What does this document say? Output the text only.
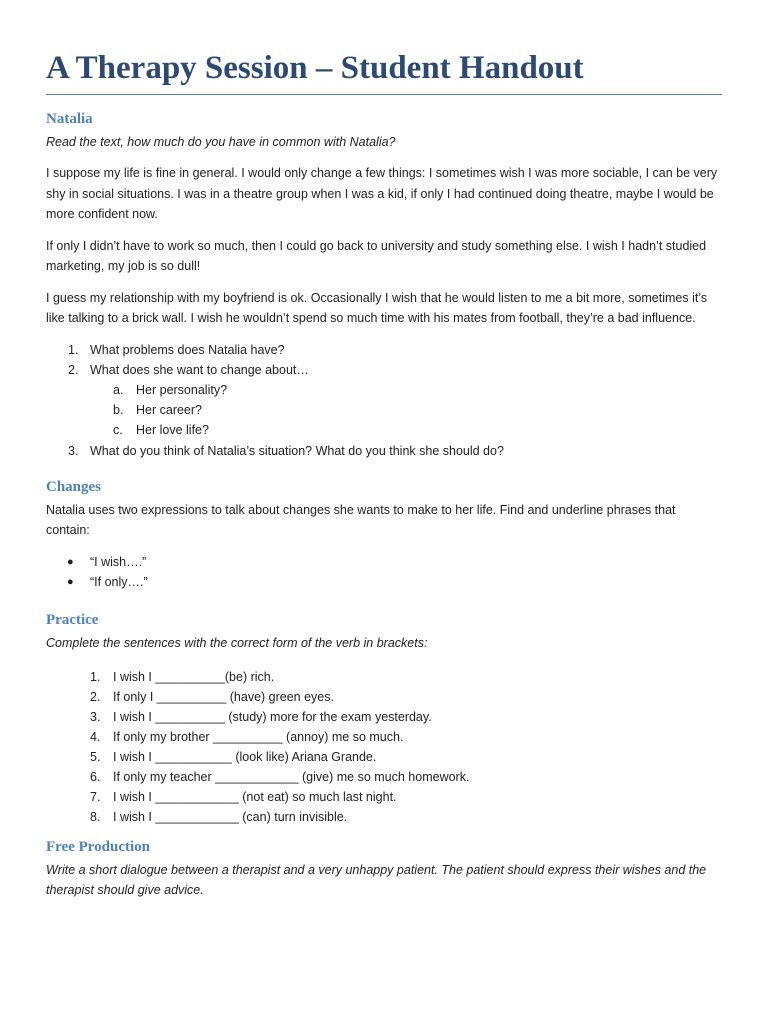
A Therapy Session – Student Handout
Natalia

Read the text, how much do you have in common with Natalia?

I suppose my life is fine in general. I would only change a few things: I sometimes wish I was more sociable, I can be very shy in social situations. I was in a theatre group when I was a kid, if only I had continued doing theatre, maybe I would be more confident now.

If only I didn’t have to work so much, then I could go back to university and study something else. I wish I hadn’t studied marketing, my job is so dull!

I guess my relationship with my boyfriend is ok. Occasionally I wish that he would listen to me a bit more, sometimes it’s like talking to a brick wall. I wish he wouldn’t spend so much time with his mates from football, they’re a bad influence.

1. What problems does Natalia have?
2. What does she want to change about…
a. Her personality?
b. Her career?
c. Her love life?
3. What do you think of Natalia’s situation? What do you think she should do?
Changes

Natalia uses two expressions to talk about changes she wants to make to her life. Find and underline phrases that contain:

● “I wish….”
● “If only….”
Practice

Complete the sentences with the correct form of the verb in brackets:

1. I wish I __________(be) rich.
2. If only I __________ (have) green eyes.
3. I wish I __________ (study) more for the exam yesterday.
4. If only my brother __________ (annoy) me so much.
5. I wish I ___________ (look like) Ariana Grande.
6. If only my teacher ____________ (give) me so much homework.
7. I wish I ____________ (not eat) so much last night.
8. I wish I ____________ (can) turn invisible.
Free Production

Write a short dialogue between a therapist and a very unhappy patient. The patient should express their wishes and the therapist should give advice.
